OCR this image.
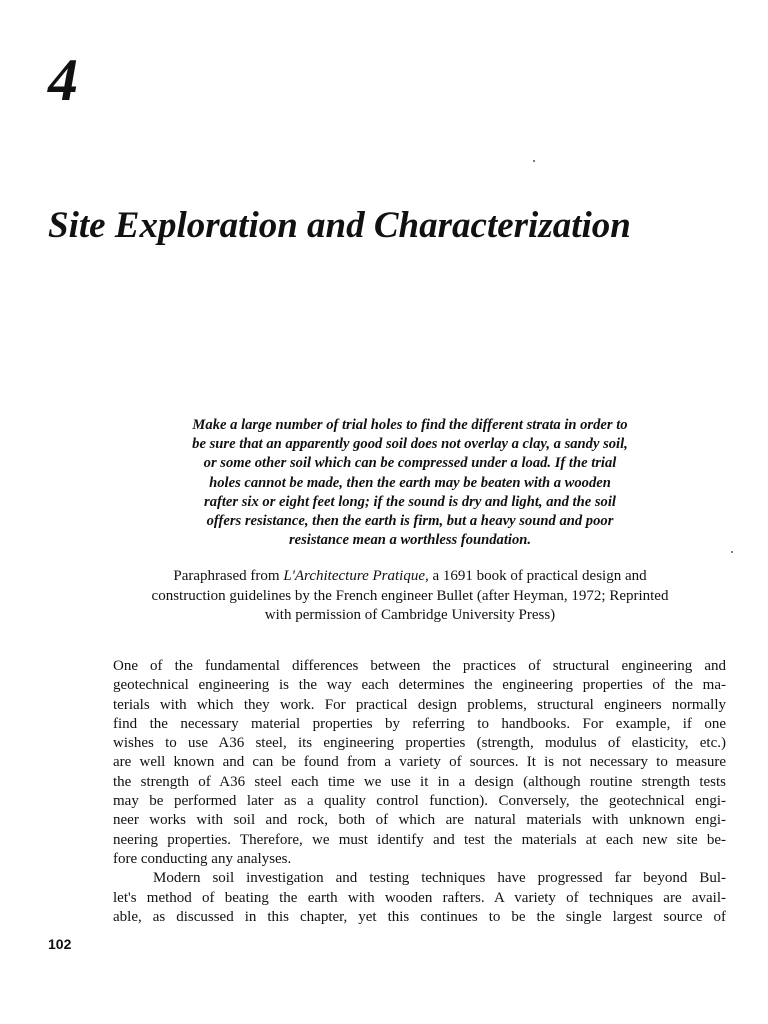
4
Site Exploration and Characterization
Make a large number of trial holes to find the different strata in order to
be sure that an apparently good soil does not overlay a clay, a sandy soil,
or some other soil which can be compressed under a load. If the trial
holes cannot be made, then the earth may be beaten with a wooden
rafter six or eight feet long; if the sound is dry and light, and the soil
offers resistance, then the earth is firm, but a heavy sound and poor
resistance mean a worthless foundation.
Paraphrased from L'Architecture Pratique, a 1691 book of practical design and
construction guidelines by the French engineer Bullet (after Heyman, 1972; Reprinted
with permission of Cambridge University Press)
One of the fundamental differences between the practices of structural engineering and
geotechnical engineering is the way each determines the engineering properties of the ma-
terials with which they work. For practical design problems, structural engineers normally
find the necessary material properties by referring to handbooks. For example, if one
wishes to use A36 steel, its engineering properties (strength, modulus of elasticity, etc.)
are well known and can be found from a variety of sources. It is not necessary to measure
the strength of A36 steel each time we use it in a design (although routine strength tests
may be performed later as a quality control function). Conversely, the geotechnical engi-
neer works with soil and rock, both of which are natural materials with unknown engi-
neering properties. Therefore, we must identify and test the materials at each new site be-
fore conducting any analyses.
Modern soil investigation and testing techniques have progressed far beyond Bul-
let's method of beating the earth with wooden rafters. A variety of techniques are avail-
able, as discussed in this chapter, yet this continues to be the single largest source of
102
